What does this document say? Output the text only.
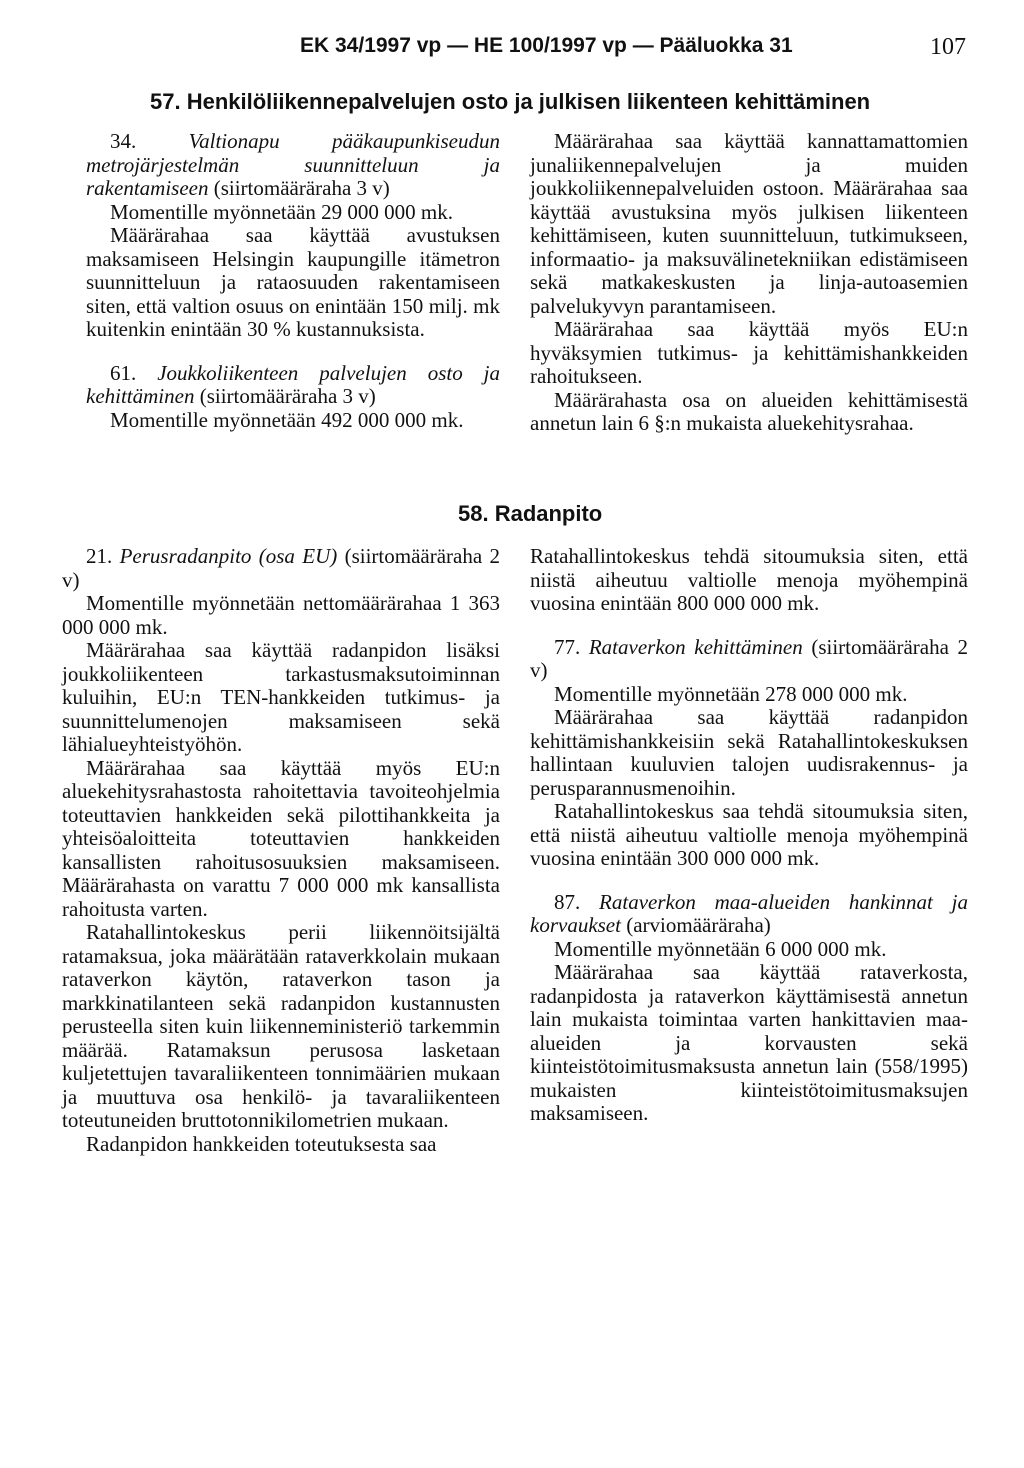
EK 34/1997 vp — HE 100/1997 vp — Pääluokka 31	107
57. Henkilöliikennepalvelujen osto ja julkisen liikenteen kehittäminen

34. Valtionapu pääkaupunkiseudun metrojärjestelmän suunnitteluun ja rakentamiseen (siirtomääräraha 3 v)

Momentille myönnetään 29 000 000 mk.

Määrärahaa saa käyttää avustuksen maksamiseen Helsingin kaupungille itämetron suunnitteluun ja rataosuuden rakentamiseen siten, että valtion osuus on enintään 150 milj. mk kuitenkin enintään 30 % kustannuksista.

61. Joukkoliikenteen palvelujen osto ja kehittäminen (siirtomääräraha 3 v)

Momentille myönnetään 492 000 000 mk.

Määrärahaa saa käyttää kannattamattomien junaliikennepalvelujen ja muiden joukkoliikennepalveluiden ostoon. Määrärahaa saa käyttää avustuksina myös julkisen liikenteen kehittämiseen, kuten suunnitteluun, tutkimukseen, informaatio- ja maksuvälinetekniikan edistämiseen sekä matkakeskusten ja linja-autoasemien palvelukyvyn parantamiseen.

Määrärahaa saa käyttää myös EU:n hyväksymien tutkimus- ja kehittämishankkeiden rahoitukseen.

Määrärahasta osa on alueiden kehittämisestä annetun lain 6 §:n mukaista aluekehitysrahaa.

58. Radanpito

21. Perusradanpito (osa EU) (siirtomääräraha 2 v)

Momentille myönnetään nettomäärärahaa 1 363 000 000 mk.

Määrärahaa saa käyttää radanpidon lisäksi joukkoliikenteen tarkastusmaksutoiminnan kuluihin, EU:n TEN-hankkeiden tutkimus- ja suunnittelumenojen maksamiseen sekä lähialueyhteistyöhön.

Määrärahaa saa käyttää myös EU:n aluekehitysrahastosta rahoitettavia tavoiteohjelmia toteuttavien hankkeiden sekä pilottihankkeita ja yhteisöaloitteita toteuttavien hankkeiden kansallisten rahoitusosuuksien maksamiseen. Määrärahasta on varattu 7 000 000 mk kansallista rahoitusta varten.

Ratahallintokeskus perii liikennöitsijältä ratamaksua, joka määrätään rataverkkolain mukaan rataverkon käytön, rataverkon tason ja markkinatilanteen sekä radanpidon kustannusten perusteella siten kuin liikenneministeriö tarkemmin määrää. Ratamaksun perusosa lasketaan kuljetettujen tavaraliikenteen tonnimäärien mukaan ja muuttuva osa henkilö- ja tavaraliikenteen toteutuneiden bruttotonnikilometrien mukaan.

Radanpidon hankkeiden toteutuksesta saa

Ratahallintokeskus tehdä sitoumuksia siten, että niistä aiheutuu valtiolle menoja myöhempinä vuosina enintään 800 000 000 mk.

77. Rataverkon kehittäminen (siirtomääräraha 2 v)

Momentille myönnetään 278 000 000 mk.

Määrärahaa saa käyttää radanpidon kehittämishankkeisiin sekä Ratahallintokeskuksen hallintaan kuuluvien talojen uudisrakennus- ja perusparannusmenoihin.

Ratahallintokeskus saa tehdä sitoumuksia siten, että niistä aiheutuu valtiolle menoja myöhempinä vuosina enintään 300 000 000 mk.

87. Rataverkon maa-alueiden hankinnat ja korvaukset (arviomääräraha)

Momentille myönnetään 6 000 000 mk.

Määrärahaa saa käyttää rataverkosta, radanpidosta ja rataverkon käyttämisestä annetun lain mukaista toimintaa varten hankittavien maa-alueiden ja korvausten sekä kiinteistötoimitusmaksusta annetun lain (558/1995) mukaisten kiinteistötoimitusmaksujen maksamiseen.
